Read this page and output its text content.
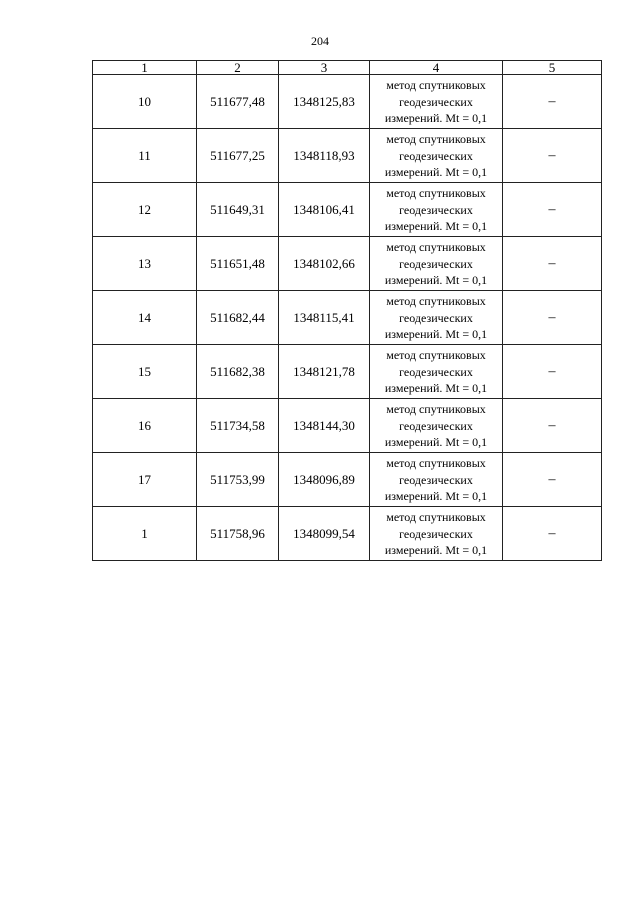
204
1	2	3	4	5
10	511677,48	1348125,83	метод спутниковых
геодезических
измерений. Mt = 0,1	–
11	511677,25	1348118,93	метод спутниковых
геодезических
измерений. Mt = 0,1	–
12	511649,31	1348106,41	метод спутниковых
геодезических
измерений. Mt = 0,1	–
13	511651,48	1348102,66	метод спутниковых
геодезических
измерений. Mt = 0,1	–
14	511682,44	1348115,41	метод спутниковых
геодезических
измерений. Mt = 0,1	–
15	511682,38	1348121,78	метод спутниковых
геодезических
измерений. Mt = 0,1	–
16	511734,58	1348144,30	метод спутниковых
геодезических
измерений. Mt = 0,1	–
17	511753,99	1348096,89	метод спутниковых
геодезических
измерений. Mt = 0,1	–
1	511758,96	1348099,54	метод спутниковых
геодезических
измерений. Mt = 0,1	–
